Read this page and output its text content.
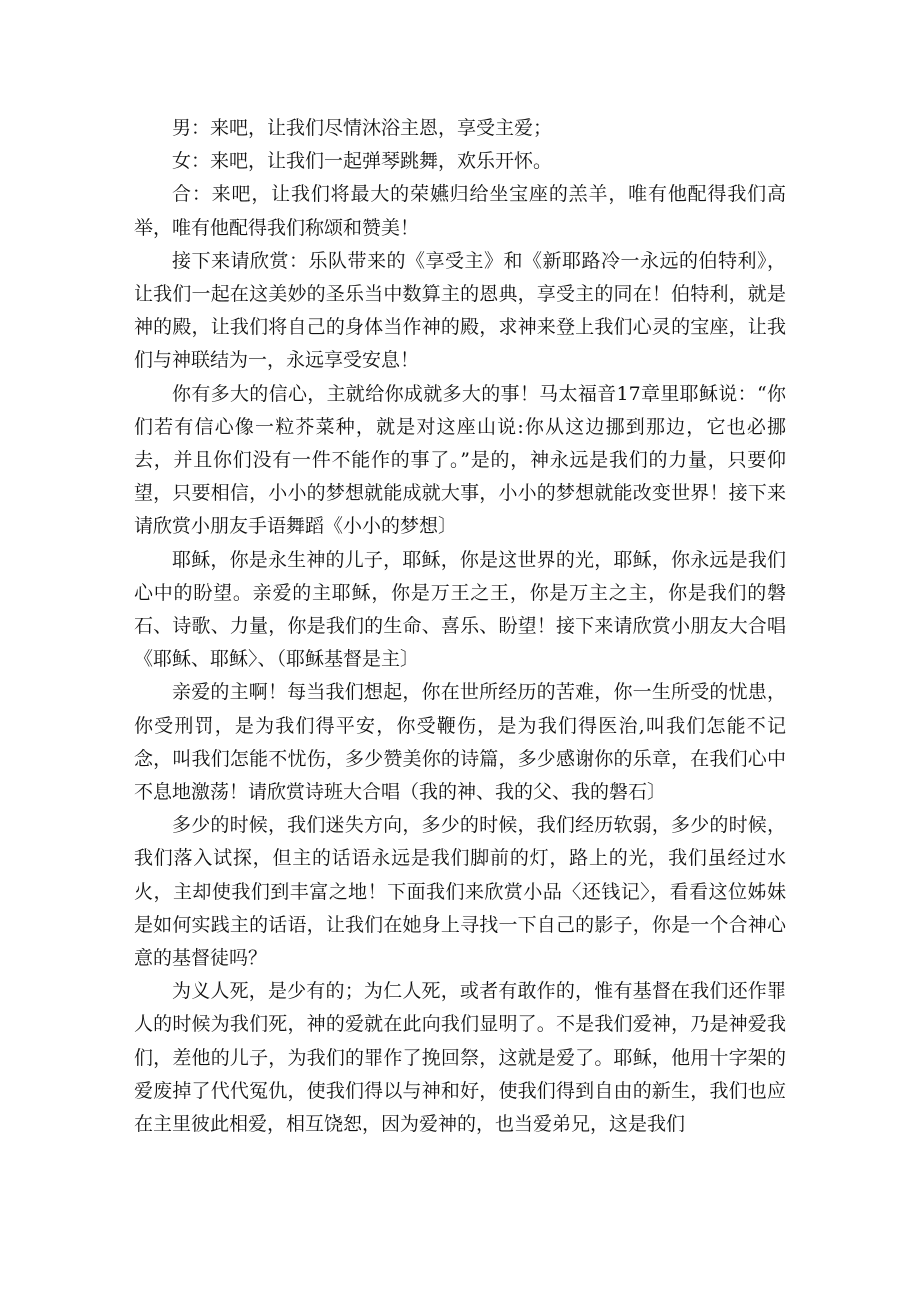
男：来吧，让我们尽情沐浴主恩，享受主爱；

女：来吧，让我们一起弹琴跳舞，欢乐开怀。

合：来吧，让我们将最大的荣嬿归给坐宝座的羔羊，唯有他配得我们高举，唯有他配得我们称颂和赞美！

接下来请欣赏：乐队带来的《享受主》和《新耶路冷一永远的伯特利》，让我们一起在这美妙的圣乐当中数算主的恩典，享受主的同在！伯特利，就是神的殿，让我们将自己的身体当作神的殿，求神来登上我们心灵的宝座，让我们与神联结为一，永远享受安息！

你有多大的信心，主就给你成就多大的事！马太福音17章里耶稣说：“你们若有信心像一粒芥菜种，就是对这座山说:你从这边挪到那边，它也必挪去，并且你们没有一件不能作的事了。”是的，神永远是我们的力量，只要仰望，只要相信，小小的梦想就能成就大事，小小的梦想就能改变世界！接下来请欣赏小朋友手语舞蹈《小小的梦想〕

耶稣，你是永生神的儿子，耶稣，你是这世界的光，耶稣，你永远是我们心中的盼望。亲爱的主耶稣，你是万王之王，你是万主之主，你是我们的磐石、诗歌、力量，你是我们的生命、喜乐、盼望！接下来请欣赏小朋友大合唱《耶稣、耶稣〉、（耶稣基督是主〕

亲爱的主啊！每当我们想起，你在世所经历的苦难，你一生所受的忧患，你受刑罚，是为我们得平安，你受鞭伤，是为我们得医治,叫我们怎能不记念，叫我们怎能不忧伤，多少赞美你的诗篇，多少感谢你的乐章，在我们心中不息地激荡！请欣赏诗班大合唱（我的神、我的父、我的磐石〕

多少的时候，我们迷失方向，多少的时候，我们经历软弱，多少的时候，我们落入试探，但主的话语永远是我们脚前的灯，路上的光，我们虽经过水火，主却使我们到丰富之地！下面我们来欣赏小品〈还钱记〉，看看这位姊妹是如何实践主的话语，让我们在她身上寻找一下自己的影子，你是一个合神心意的基督徒吗？

为义人死，是少有的；为仁人死，或者有敢作的，惟有基督在我们还作罪人的时候为我们死，神的爱就在此向我们显明了。不是我们爱神，乃是神爱我们，差他的儿子，为我们的罪作了挽回祭，这就是爱了。耶稣，他用十字架的爱废掉了代代冤仇，使我们得以与神和好，使我们得到自由的新生，我们也应在主里彼此相爱，相互饶恕，因为爱神的，也当爱弟兄，这是我们
